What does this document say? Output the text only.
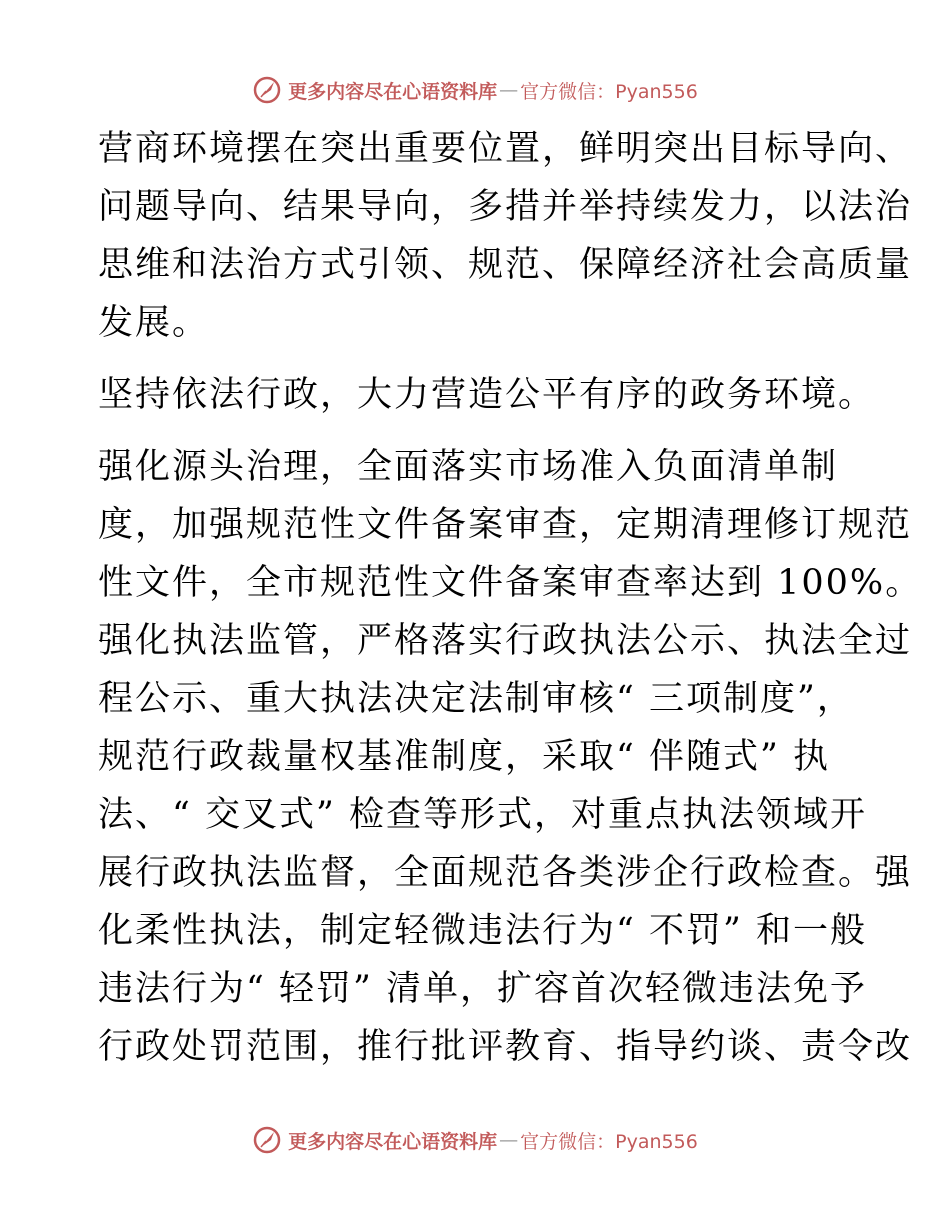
更多内容尽在心语资料库 — 官方微信：Pyan556

营商环境摆在突出重要位置，鲜明突出目标导向、
问题导向、结果导向，多措并举持续发力，以法治
思维和法治方式引领、规范、保障经济社会高质量
发展。

坚持依法行政，大力营造公平有序的政务环境。

强化源头治理，全面落实市场准入负面清单制
度，加强规范性文件备案审查，定期清理修订规范
性文件，全市规范性文件备案审查率达到 100%。
强化执法监管，严格落实行政执法公示、执法全过
程公示、重大执法决定法制审核“ 三项制度”，
规范行政裁量权基准制度，采取“ 伴随式” 执
法、“ 交叉式” 检查等形式，对重点执法领域开
展行政执法监督，全面规范各类涉企行政检查。强
化柔性执法，制定轻微违法行为“ 不罚” 和一般
违法行为“ 轻罚” 清单，扩容首次轻微违法免予
行政处罚范围，推行批评教育、指导约谈、责令改

更多内容尽在心语资料库 — 官方微信：Pyan556
